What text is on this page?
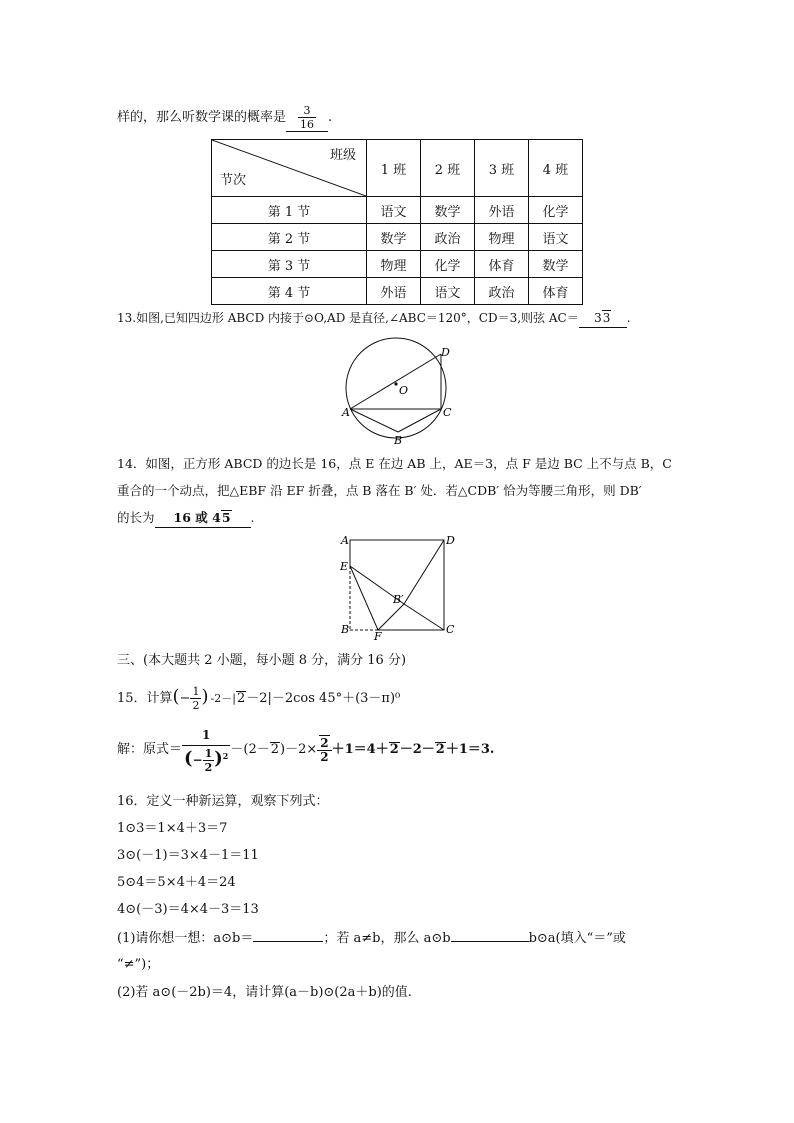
样的，那么听数学课的概率是 $\frac{3}{16}$ .
班级
节次	1 班	2 班	3 班	4 班
第 1 节	语文	数学	外语	化学
第 2 节	数学	政治	物理	语文
第 3 节	物理	化学	体育	数学
第 4 节	外语	语文	政治	体育
13.如图,已知四边形 ABCD 内接于⊙O,AD 是直径,∠ABC＝120°，CD＝3,则弦 AC＝ 33 .
O
A
B
C
D
14．如图，正方形 ABCD 的边长是 16，点 E 在边 AB 上，AE＝3，点 F 是边 BC 上不与点 B，C
重合的一个动点，把△EBF 沿 EF 折叠，点 B 落在 B′ 处．若△CDB′ 恰为等腰三角形，则 DB′
的长为 16 或 45 .
A	D
E
B′
B
F
C
三、(本大题共 2 小题，每小题 8 分，满分 16 分)
15．计算(− $\frac{1}{2}$ ) -2－|2－2|－2cos 45°＋(3－π)⁰
解：原式＝ $\frac{1}{(- \frac{1}{2} )^2} -(2-2)-2\times \frac{2}{2} +1=4+2-2-2+1=3$.
16．定义一种新运算，观察下列式：
1⊙3＝1×4＋3＝7
3⊙(－1)＝3×4－1＝11
5⊙4＝5×4＋4＝24
4⊙(－3)＝4×4－3＝13
(1)请你想一想：a⊙b＝	；若 a≠b，那么 a⊙b	b⊙a(填入“＝”或
“≠”)；
(2)若 a⊙(－2b)＝4，请计算(a－b)⊙(2a＋b)的值.
